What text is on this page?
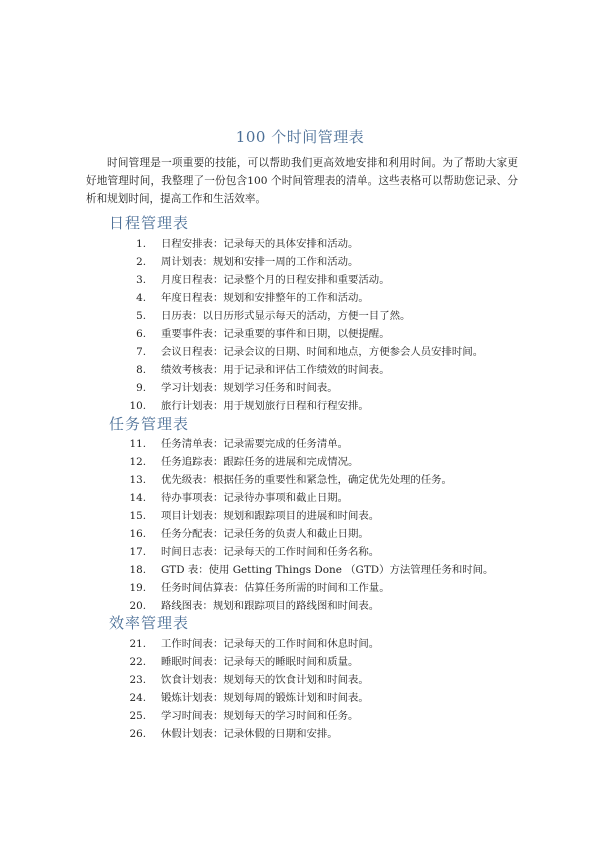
100 个时间管理表

时间管理是一项重要的技能，可以帮助我们更高效地安排和利用时间。为了帮助大家更好地管理时间，我整理了一份包含100 个时间管理表的清单。这些表格可以帮助您记录、分析和规划时间，提高工作和生活效率。

日程管理表
1. 日程安排表：记录每天的具体安排和活动。
2. 周计划表：规划和安排一周的工作和活动。
3. 月度日程表：记录整个月的日程安排和重要活动。
4. 年度日程表：规划和安排整年的工作和活动。
5. 日历表：以日历形式显示每天的活动，方便一目了然。
6. 重要事件表：记录重要的事件和日期，以便提醒。
7. 会议日程表：记录会议的日期、时间和地点，方便参会人员安排时间。
8. 绩效考核表：用于记录和评估工作绩效的时间表。
9. 学习计划表：规划学习任务和时间表。
10. 旅行计划表：用于规划旅行日程和行程安排。
任务管理表
11. 任务清单表：记录需要完成的任务清单。
12. 任务追踪表：跟踪任务的进展和完成情况。
13. 优先级表：根据任务的重要性和紧急性，确定优先处理的任务。
14. 待办事项表：记录待办事项和截止日期。
15. 项目计划表：规划和跟踪项目的进展和时间表。
16. 任务分配表：记录任务的负责人和截止日期。
17. 时间日志表：记录每天的工作时间和任务名称。
18. GTD 表：使用 Getting Things Done （GTD）方法管理任务和时间。
19. 任务时间估算表：估算任务所需的时间和工作量。
20. 路线图表：规划和跟踪项目的路线图和时间表。
效率管理表
21. 工作时间表：记录每天的工作时间和休息时间。
22. 睡眠时间表：记录每天的睡眠时间和质量。
23. 饮食计划表：规划每天的饮食计划和时间表。
24. 锻炼计划表：规划每周的锻炼计划和时间表。
25. 学习时间表：规划每天的学习时间和任务。
26. 休假计划表：记录休假的日期和安排。
